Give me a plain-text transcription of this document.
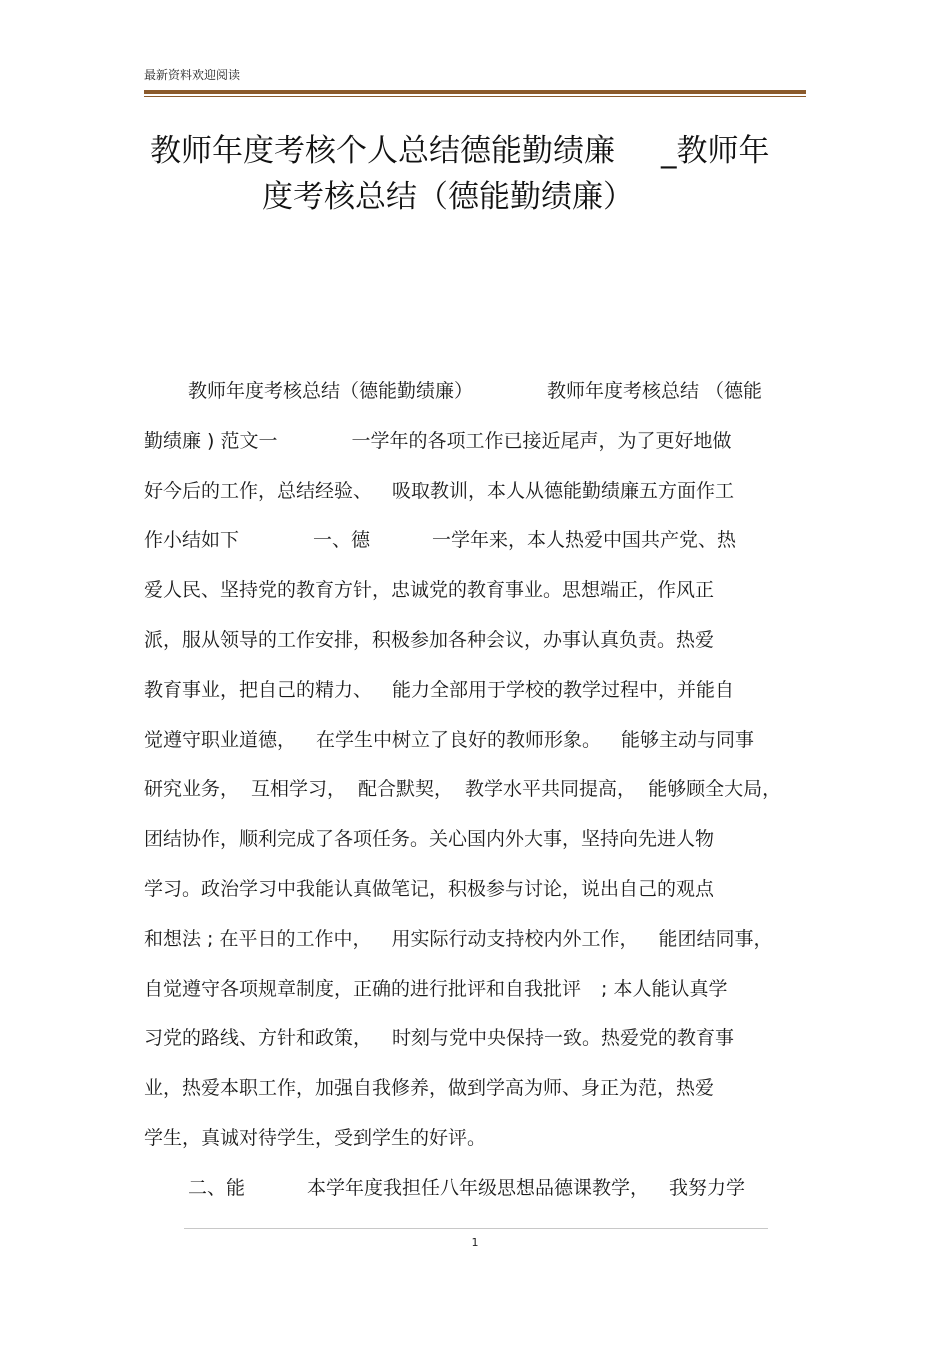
最新资料欢迎阅读
教师年度考核个人总结德能勤绩廉 _教师年
度考核总结（德能勤绩廉）
教师年度考核总结（德能勤绩廉）	教师年度考核总结 （德能
勤绩廉 ) 范文一	一学年的各项工作已接近尾声，为了更好地做
好今后的工作，总结经验、 吸取教训，本人从德能勤绩廉五方面作工
作小结如下	一、德	一学年来，本人热爱中国共产党、热
爱人民、坚持党的教育方针，忠诚党的教育事业。思想端正，作风正
派，服从领导的工作安排，积极参加各种会议，办事认真负责。热爱
教育事业，把自己的精力、 能力全部用于学校的教学过程中，并能自
觉遵守职业道德， 在学生中树立了良好的教师形象。 能够主动与同事
研究业务， 互相学习， 配合默契， 教学水平共同提高， 能够顾全大局，
团结协作，顺利完成了各项任务。关心国内外大事，坚持向先进人物
学习。政治学习中我能认真做笔记，积极参与讨论，说出自己的观点
和想法 ; 在平日的工作中， 用实际行动支持校内外工作， 能团结同事，
自觉遵守各项规章制度，正确的进行批评和自我批评 ; 本人能认真学
习党的路线、方针和政策， 时刻与党中央保持一致。热爱党的教育事
业，热爱本职工作，加强自我修养，做到学高为师、身正为范，热爱
学生，真诚对待学生，受到学生的好评。
二、能	本学年度我担任八年级思想品德课教学， 我努力学
1
